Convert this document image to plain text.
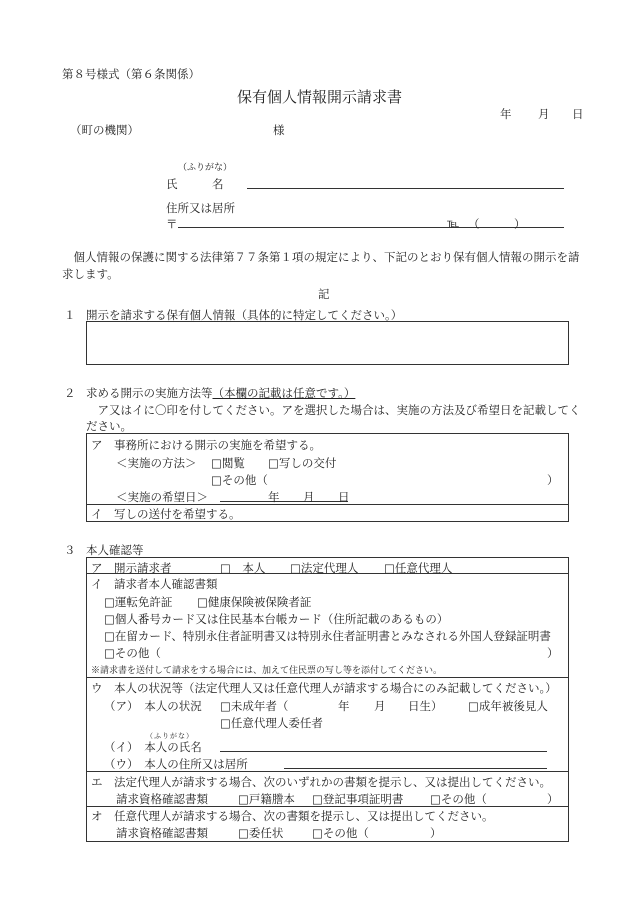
第８号様式（第６条関係）
保有個人情報開示請求書
年 月 日
（町の機関）	様
（ふりがな）
氏　　　名
住所又は居所
〒	℡ （　　　）
　個人情報の保護に関する法律第７７条第１項の規定により、下記のとおり保有個人情報の開示を請
求します。
記
１ 開示を請求する保有個人情報（具体的に特定してください。）
２ 求める開示の実施方法等（本欄の記載は任意です。）
　ア又はイに〇印を付してください。アを選択した場合は、実施の方法及び希望日を記載してく
ださい。
ア　事務所における開示の実施を希望する。
＜実施の方法＞ □閲覧 □写しの交付
□その他（	）
＜実施の希望日＞	年 月 日
イ　写しの送付を希望する。
３ 本人確認等
ア　開示請求者	□　本人 □法定代理人 □任意代理人
イ　請求者本人確認書類
□運転免許証 □健康保険被保険者証
□個人番号カード又は住民基本台帳カード（住所記載のあるもの）
□在留カード、特別永住者証明書又は特別永住者証明書とみなされる外国人登録証明書
□その他（	）
※請求書を送付して請求をする場合には、加えて住民票の写し等を添付してください。
ウ　本人の状況等（法定代理人又は任意代理人が請求する場合にのみ記載してください。）
（ア）　本人の状況 □未成年者（	年 月 日生） □成年被後見人
□任意代理人委任者
（ふりがな）
（イ）　本人の氏名
（ウ）　本人の住所又は居所
エ　法定代理人が請求する場合、次のいずれかの書類を提示し、又は提出してください。
請求資格確認書類	□戸籍謄本 □登記事項証明書 □その他（	）
オ　任意代理人が請求する場合、次の書類を提示し、又は提出してください。
請求資格確認書類	□委任状 □その他（	）
